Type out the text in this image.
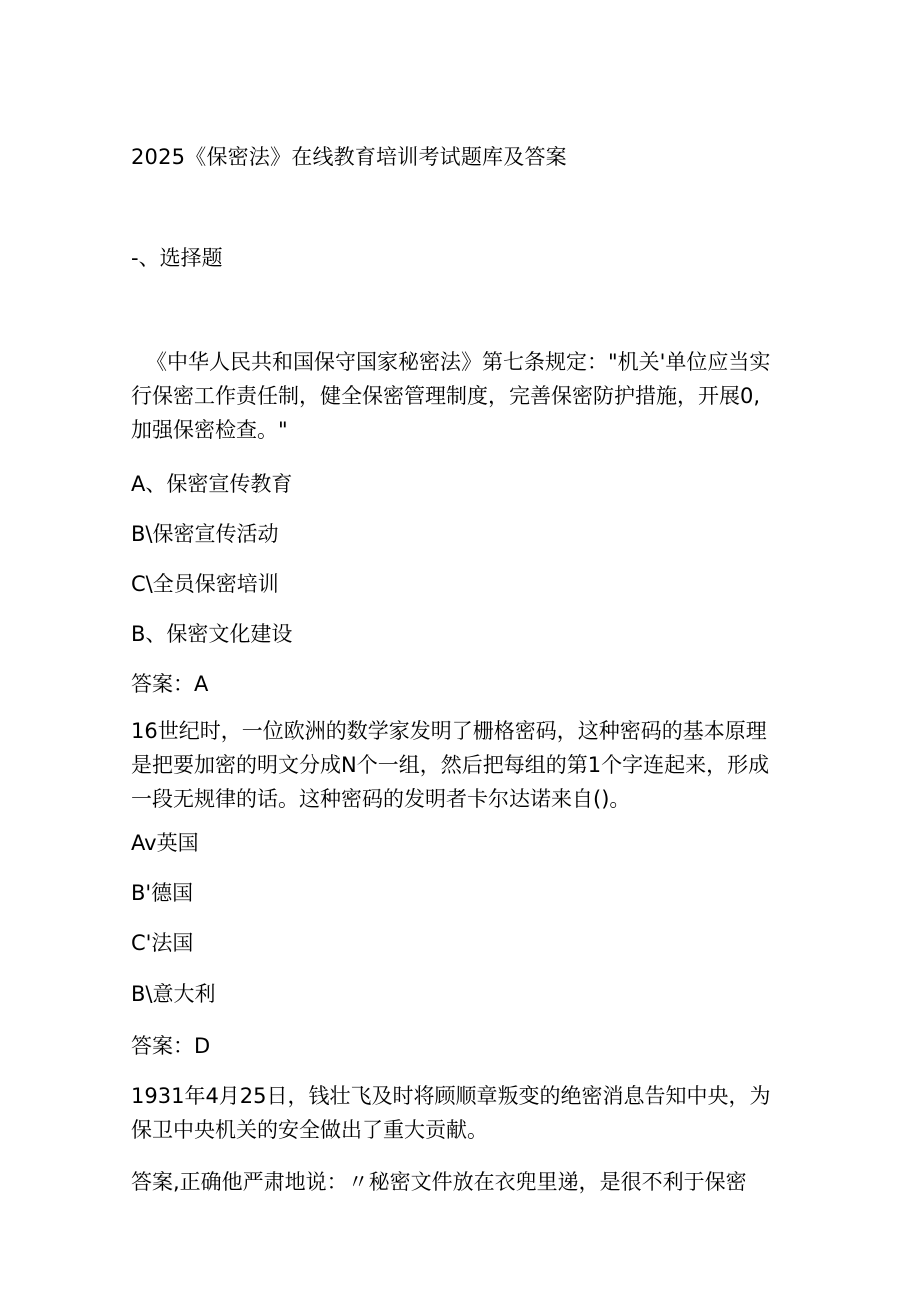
2025《保密法》在线教育培训考试题库及答案
-、选择题
《中华人民共和国保守国家秘密法》第七条规定："机关'单位应当实
行保密工作责任制，健全保密管理制度，完善保密防护措施，开展0,
加强保密检查。"
A、保密宣传教育
B\保密宣传活动
C\全员保密培训
B、保密文化建设
答案：A
16世纪时，一位欧洲的数学家发明了栅格密码，这种密码的基本原理
是把要加密的明文分成N个一组，然后把每组的第1个字连起来，形成
一段无规律的话。这种密码的发明者卡尔达诺来自()。
Av英国
B'德国
C'法国
B\意大利
答案：D
1931年4月25日，钱壮飞及时将顾顺章叛变的绝密消息告知中央，为
保卫中央机关的安全做出了重大贡献。
答案,正确他严肃地说：〃秘密文件放在衣兜里递，是很不利于保密
